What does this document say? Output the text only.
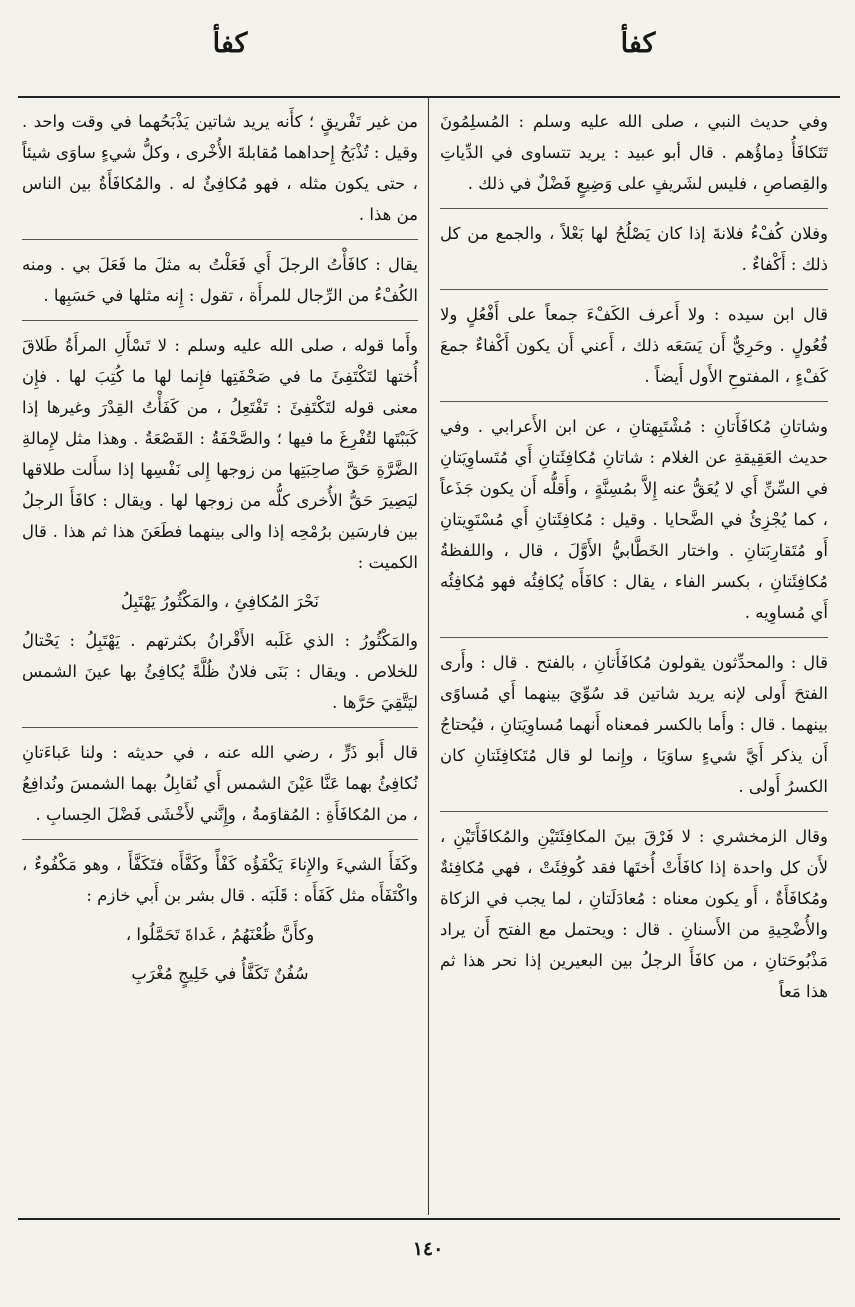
كفأ
كفأ

وفي حديث النبي ، صلى الله عليه وسلم : المُسلِمُونَ تَتَكافَأُ دِماؤُهم . قال أبو عبيد : يريد تتساوى في الدِّياتِ والقِصاصِ ، فليس لشَريفٍ على وَضِيعٍ فَضْلٌ في ذلك .

وفلان كُفْءُ فلانةَ إذا كان يَصْلُحُ لها بَعْلاً ، والجمع من كل ذلك : أَكْفاءٌ .

قال ابن سيده : ولا أَعرف الكَفْءَ جمعاً على أَفْعُلٍ ولا فُعُولٍ . وحَرِيٌّ أَن يَسَعَه ذلك ، أَعني أَن يكون أَكْفاءٌ جمعَ كَفْءٍ ، المفتوحِ الأَول أَيضاً .

وشاتانِ مُكافَأَتانِ : مُشْتَبِهتانِ ، عن ابن الأَعرابي . وفي حديث العَقِيقةِ عن الغلام : شاتانِ مُكافِئَتانِ أَي مُتَساوِيَتانِ في السِّنِّ أَي لا يُعَقُّ عنه إِلاَّ بمُسِنَّةٍ ، وأَقلُّه أَن يكون جَذَعاً ، كما يُجْزِئُ في الضَّحايا . وقيل : مُكافِئَتانِ أَي مُسْتَوِيتانِ أَو مُتَقارِبَتانِ . واختار الخَطَّابيُّ الأَوَّلَ ، قال ، واللفظةُ مُكافِئَتانِ ، بكسر الفاء ، يقال : كافَأَه يُكافِئُه فهو مُكافِئُه أَي مُساوِيه .

قال : والمحدِّثون يقولون مُكافَأَتانِ ، بالفتح . قال : وأَرى الفتحَ أَولى لإنه يريد شاتين قد سُوِّيَ بينهما أَي مُساوًى بينهما . قال : وأَما بالكسر فمعناه أَنهما مُساوِيَتانِ ، فيُحتاجُ أَن يذكر أَيَّ شيءٍ ساوَيَا ، وإِنما لو قال مُتَكافِئَتانِ كان الكسرُ أَولى .

وقال الزمخشري : لا فَرْقَ بينَ المكافِئَتَيْنِ والمُكافَأَتَيْنِ ، لأَن كل واحدة إذا كافَأَتْ أُختَها فقد كُوفِئَتْ ، فهي مُكافِئةٌ ومُكافَأَةٌ ، أَو يكون معناه : مُعادَلَتانِ ، لما يجب في الزكاة والأُضْحِيةِ من الأَسنانِ . قال : ويحتمل مع الفتح أَن يراد مَذْبُوحَتانِ ، من كافَأَ الرجلُ بين البعيرين إذا نحر هذا ثم هذا مَعاً

من غير تَفْريقٍ ؛ كأَنه يريد شاتين يَذْبَحُهما في وقت واحد . وقيل : تُذْبَحُ إِحداهما مُقابلةَ الأُخْرى ، وكلُّ شيءٍ ساوَى شيئاً ، حتى يكون مثله ، فهو مُكافِئٌ له . والمُكافَأَةُ بين الناس من هذا .

يقال : كافَأْتُ الرجلَ أَي فَعَلْتُ به مثلَ ما فَعَلَ بي . ومنه الكُفْءُ من الرِّجال للمرأَة ، تقول : إِنه مثلها في حَسَبِها .

وأَما قوله ، صلى الله عليه وسلم : لا تَسْأَلِ المرأَةُ طَلاقَ أُختها لتَكْتَفِئَ ما في صَحْفَتِها فإِنما لها ما كُتِبَ لها . فإِن معنى قوله لتَكْتَفِئَ : تَفْتَعِلُ ، من كَفَأْتُ القِدْرَ وغيرها إذا كَبَبْتَها لتُفْرِغَ ما فيها ؛ والصَّحْفَةُ : القَصْعَةُ . وهذا مثل لإِمالةِ الضَّرَّةِ حَقَّ صاحِبَتِها من زوجها إِلى نَفْسِها إذا سأَلت طلاقها ليَصِيرَ حَقُّ الأُخرى كلُّه من زوجها لها . ويقال : كافَأَ الرجلُ بين فارسَين برُمْحِه إذا والى بينهما فطَعَنَ هذا ثم هذا . قال الكميت :

نَحْرَ المُكافِئِ ، والمَكْثُورُ يَهْتَبِلُ

والمَكْثُورُ : الذي غَلَبه الأَقْرانُ بكثرتهم . يَهْتَبِلُ : يَحْتالُ للخلاص . ويقال : بَنَى فلانٌ ظُلَّةً يُكافِئُ بها عينَ الشمس ليَتَّقِيَ حَرَّها .

قال أَبو ذَرٍّ ، رضي الله عنه ، في حديثه : ولنا عَباءَتانِ نُكافِئُ بهما عَنَّا عَيْنَ الشمس أَي نُقابِلُ بهما الشمسَ ونُدافِعُ ، من المُكافَأَةِ : المُقاوَمةُ ، وإِنَّني لأَخْشَى فَضْلَ الحِسابِ .

وكَفَأَ الشيءَ والإِناءَ يَكْفَؤُه كَفْأً وكَفَّأَه فتَكَفَّأَ ، وهو مَكْفُوءٌ ، واكْتَفَأَه مثل كَفَأَه : قَلَبَه . قال بشر بن أَبي خازم :

وكأَنَّ ظُعْنَهُمُ ، غَداةَ تَحَمَّلُوا ،
سُفُنٌ تَكَفَّأُ في خَلِيجٍ مُغْرَبِ
١٤٠
